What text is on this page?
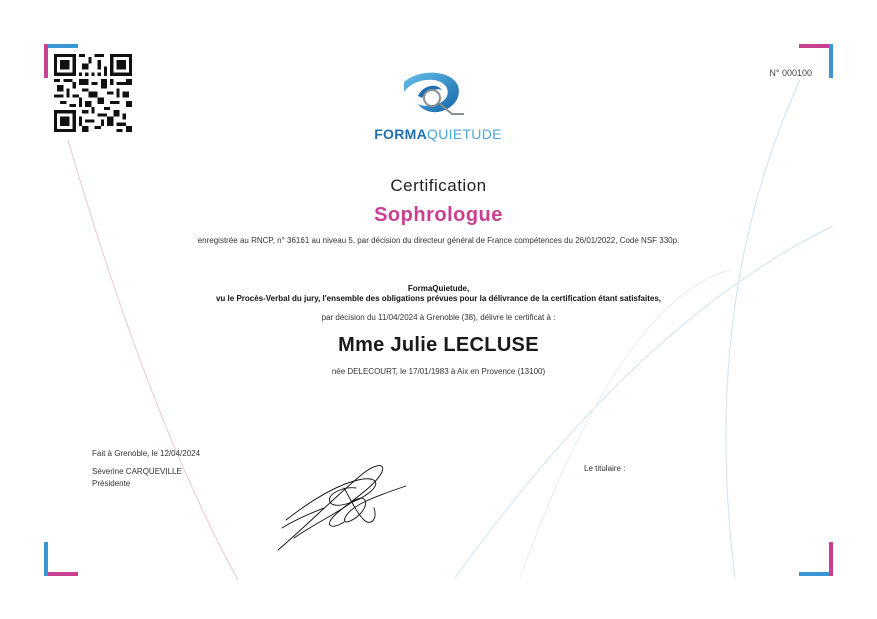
N° 000100
FORMAQUIETUDE
Certification
Sophrologue
enregistrée au RNCP, n° 36161 au niveau 5, par décision du directeur général de France compétences du 26/01/2022, Code NSF 330p.
FormaQuietude,
vu le Procès-Verbal du jury, l'ensemble des obligations prévues pour la délivrance de la certification étant satisfaites,
par décision du 11/04/2024 à Grenoble (38), délivre le certificat à :
Mme Julie LECLUSE
née DELECOURT, le 17/01/1983 à Aix en Provence (13100)
Fait à Grenoble, le 12/04/2024
Séverine CARQUEVILLE
Présidente
Le titulaire :
